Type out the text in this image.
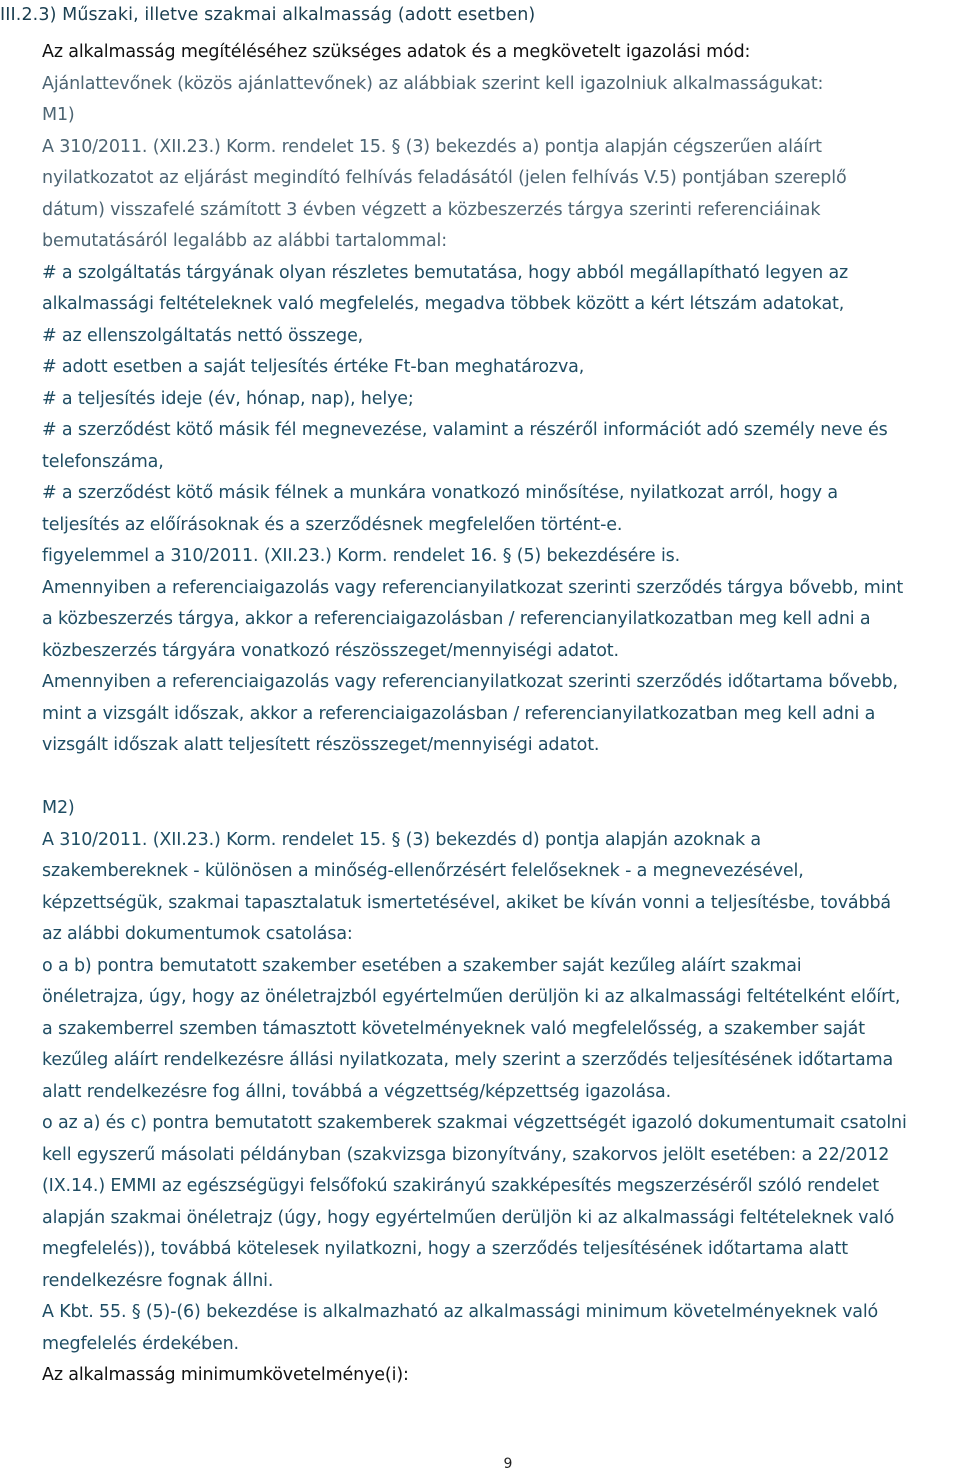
III.2.3) Műszaki, illetve szakmai alkalmasság (adott esetben)

Az alkalmasság megítéléséhez szükséges adatok és a megkövetelt igazolási mód:

Ajánlattevőnek (közös ajánlattevőnek) az alábbiak szerint kell igazolniuk alkalmasságukat:

M1)

A 310/2011. (XII.23.) Korm. rendelet 15. § (3) bekezdés a) pontja alapján cégszerűen aláírt

nyilatkozatot az eljárást megindító felhívás feladásától (jelen felhívás V.5) pontjában szereplő

dátum) visszafelé számított 3 évben végzett a közbeszerzés tárgya szerinti referenciáinak

bemutatásáról legalább az alábbi tartalommal:

# a szolgáltatás tárgyának olyan részletes bemutatása, hogy abból megállapítható legyen az

alkalmassági feltételeknek való megfelelés, megadva többek között a kért létszám adatokat,

# az ellenszolgáltatás nettó összege,

# adott esetben a saját teljesítés értéke Ft-ban meghatározva,

# a teljesítés ideje (év, hónap, nap), helye;

# a szerződést kötő másik fél megnevezése, valamint a részéről információt adó személy neve és

telefonszáma,

# a szerződést kötő másik félnek a munkára vonatkozó minősítése, nyilatkozat arról, hogy a

teljesítés az előírásoknak és a szerződésnek megfelelően történt-e.

figyelemmel a 310/2011. (XII.23.) Korm. rendelet 16. § (5) bekezdésére is.

Amennyiben a referenciaigazolás vagy referencianyilatkozat szerinti szerződés tárgya bővebb, mint

a közbeszerzés tárgya, akkor a referenciaigazolásban / referencianyilatkozatban meg kell adni a

közbeszerzés tárgyára vonatkozó részösszeget/mennyiségi adatot.

Amennyiben a referenciaigazolás vagy referencianyilatkozat szerinti szerződés időtartama bővebb,

mint a vizsgált időszak, akkor a referenciaigazolásban / referencianyilatkozatban meg kell adni a

vizsgált időszak alatt teljesített részösszeget/mennyiségi adatot.

M2)

A 310/2011. (XII.23.) Korm. rendelet 15. § (3) bekezdés d) pontja alapján azoknak a

szakembereknek - különösen a minőség-ellenőrzésért felelőseknek - a megnevezésével,

képzettségük, szakmai tapasztalatuk ismertetésével, akiket be kíván vonni a teljesítésbe, továbbá

az alábbi dokumentumok csatolása:

o a b) pontra bemutatott szakember esetében a szakember saját kezűleg aláírt szakmai

önéletrajza, úgy, hogy az önéletrajzból egyértelműen derüljön ki az alkalmassági feltételként előírt,

a szakemberrel szemben támasztott követelményeknek való megfelelősség, a szakember saját

kezűleg aláírt rendelkezésre állási nyilatkozata, mely szerint a szerződés teljesítésének időtartama

alatt rendelkezésre fog állni, továbbá a végzettség/képzettség igazolása.

o az a) és c) pontra bemutatott szakemberek szakmai végzettségét igazoló dokumentumait csatolni

kell egyszerű másolati példányban (szakvizsga bizonyítvány, szakorvos jelölt esetében: a 22/2012

(IX.14.) EMMI az egészségügyi felsőfokú szakirányú szakképesítés megszerzéséről szóló rendelet

alapján szakmai önéletrajz (úgy, hogy egyértelműen derüljön ki az alkalmassági feltételeknek való

megfelelés)), továbbá kötelesek nyilatkozni, hogy a szerződés teljesítésének időtartama alatt

rendelkezésre fognak állni.

A Kbt. 55. § (5)-(6) bekezdése is alkalmazható az alkalmassági minimum követelményeknek való

megfelelés érdekében.

Az alkalmasság minimumkövetelménye(i):

9
